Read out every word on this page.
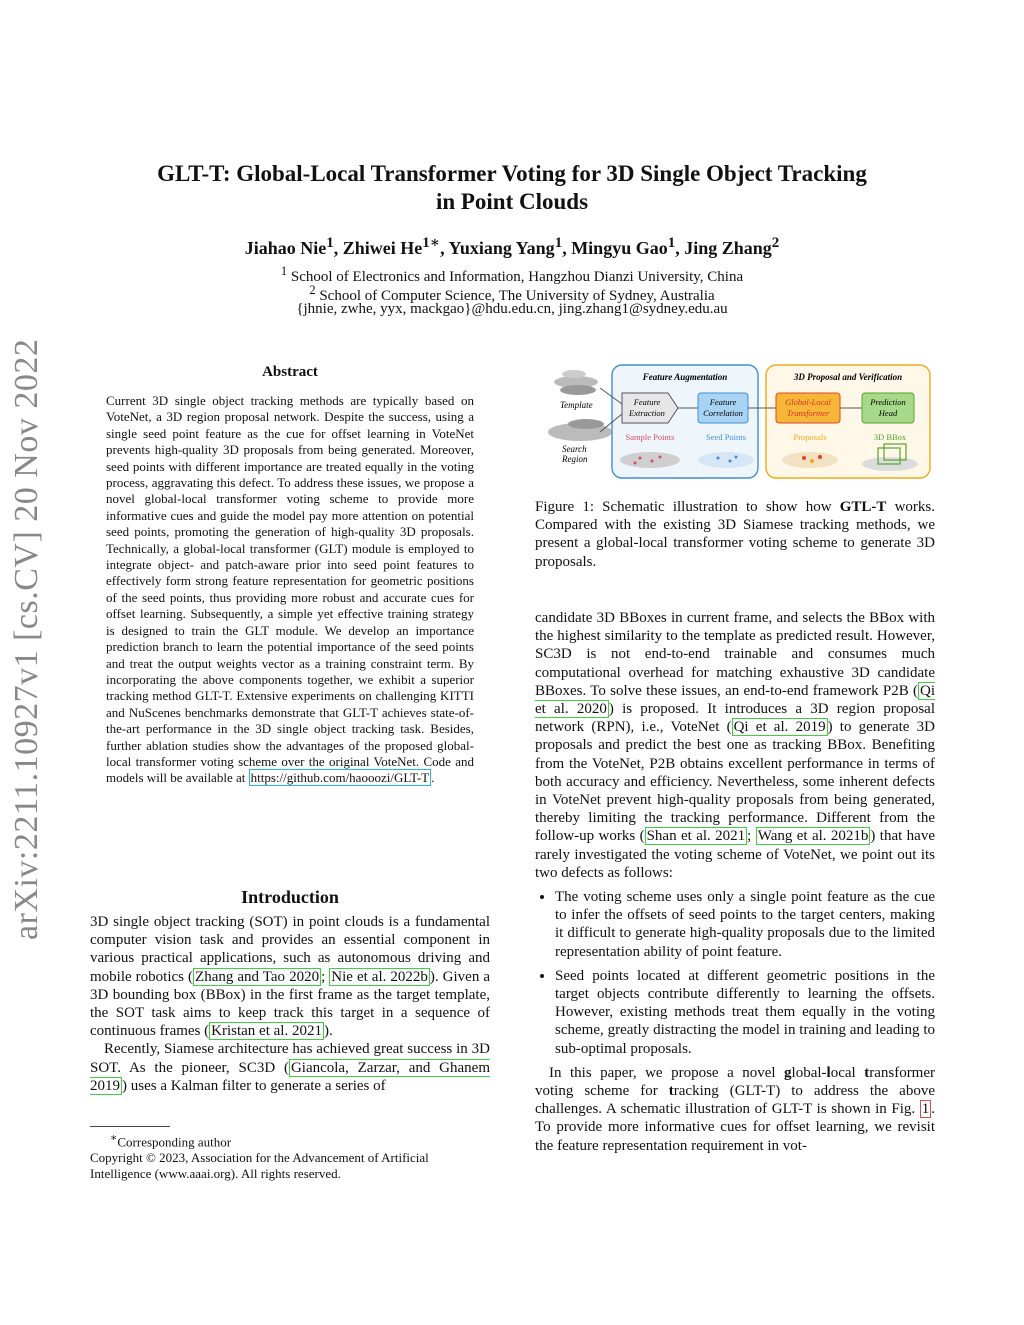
arXiv:2211.10927v1 [cs.CV] 20 Nov 2022
GLT-T: Global-Local Transformer Voting for 3D Single Object Tracking
in Point Clouds
Jiahao Nie$^1$, Zhiwei $He^{1∗}$, Yuxiang Yang$^1$, Mingyu Gao$^1$, Jing Zhang$^2$
$^1$ School of Electronics and Information, Hangzhou Dianzi University, China
$^2$ School of Computer Science, The University of Sydney, Australia
{jhnie, zwhe, yyx, mackgao}@hdu.edu.cn, jing.zhang1@sydney.edu.au
Abstract
Current 3D single object tracking methods are typically based on VoteNet, a 3D region proposal network. Despite the success, using a single seed point feature as the cue for offset learning in VoteNet prevents high-quality 3D proposals from being generated. Moreover, seed points with different importance are treated equally in the voting process, aggravating this defect. To address these issues, we propose a novel global-local transformer voting scheme to provide more informative cues and guide the model pay more attention on potential seed points, promoting the generation of high-quality 3D proposals. Technically, a global-local transformer (GLT) module is employed to integrate object- and patch-aware prior into seed point features to effectively form strong feature representation for geometric positions of the seed points, thus providing more robust and accurate cues for offset learning. Subsequently, a simple yet effective training strategy is designed to train the GLT module. We develop an importance prediction branch to learn the potential importance of the seed points and treat the output weights vector as a training constraint term. By incorporating the above components together, we exhibit a superior tracking method GLT-T. Extensive experiments on challenging KITTI and NuScenes benchmarks demonstrate that GLT-T achieves state-of-the-art performance in the 3D single object tracking task. Besides, further ablation studies show the advantages of the proposed global-local transformer voting scheme over the original VoteNet. Code and models will be available at https://github.com/haooozi/GLT-T .
Introduction

3D single object tracking (SOT) in point clouds is a fundamental computer vision task and provides an essential component in various practical applications, such as autonomous driving and mobile robotics ( Zhang and Tao 2020 ; Nie et al. 2022b ). Given a 3D bounding box (BBox) in the first frame as the target template, the SOT task aims to keep track this target in a sequence of continuous frames ( Kristan et al. 2021 ).

Recently, Siamese architecture has achieved great success in 3D SOT. As the pioneer, SC3D ( Giancola, Zarzar, and Ghanem 2019 ) uses a Kalman filter to generate a series of

∗Corresponding author
Copyright © 2023, Association for the Advancement of Artificial Intelligence (www.aaai.org). All rights reserved.
Template
Search
Region
Feature Augmentation	3D Proposal and Verification
Feature
Extraction
Feature
Correlation
Global-Local
Transformer
Prediction
Head
Sample Points	Seed Points	Proposals	3D BBox
Figure 1: Schematic illustration to show how GTL-T works. Compared with the existing 3D Siamese tracking methods, we present a global-local transformer voting scheme to generate 3D proposals.

candidate 3D BBoxes in current frame, and selects the BBox with the highest similarity to the template as predicted result. However, SC3D is not end-to-end trainable and consumes much computational overhead for matching exhaustive 3D candidate BBoxes. To solve these issues, an end-to-end framework P2B ( Qi et al. 2020 ) is proposed. It introduces a 3D region proposal network (RPN), i.e., VoteNet ( Qi et al. 2019 ) to generate 3D proposals and predict the best one as tracking BBox. Benefiting from the VoteNet, P2B obtains excellent performance in terms of both accuracy and efficiency. Nevertheless, some inherent defects in VoteNet prevent high-quality proposals from being generated, thereby limiting the tracking performance. Different from the follow-up works ( Shan et al. 2021 ; Wang et al. 2021b ) that have rarely investigated the voting scheme of VoteNet, we point out its two defects as follows:

• The voting scheme uses only a single point feature as the cue to infer the offsets of seed points to the target centers, making it difficult to generate high-quality proposals due to the limited representation ability of point feature.
• Seed points located at different geometric positions in the target objects contribute differently to learning the offsets. However, existing methods treat them equally in the voting scheme, greatly distracting the model in training and leading to sub-optimal proposals.

In this paper, we propose a novel global-local transformer voting scheme for tracking (GLT-T) to address the above challenges. A schematic illustration of GLT-T is shown in Fig. 1 . To provide more informative cues for offset learning, we revisit the feature representation requirement in vot-
